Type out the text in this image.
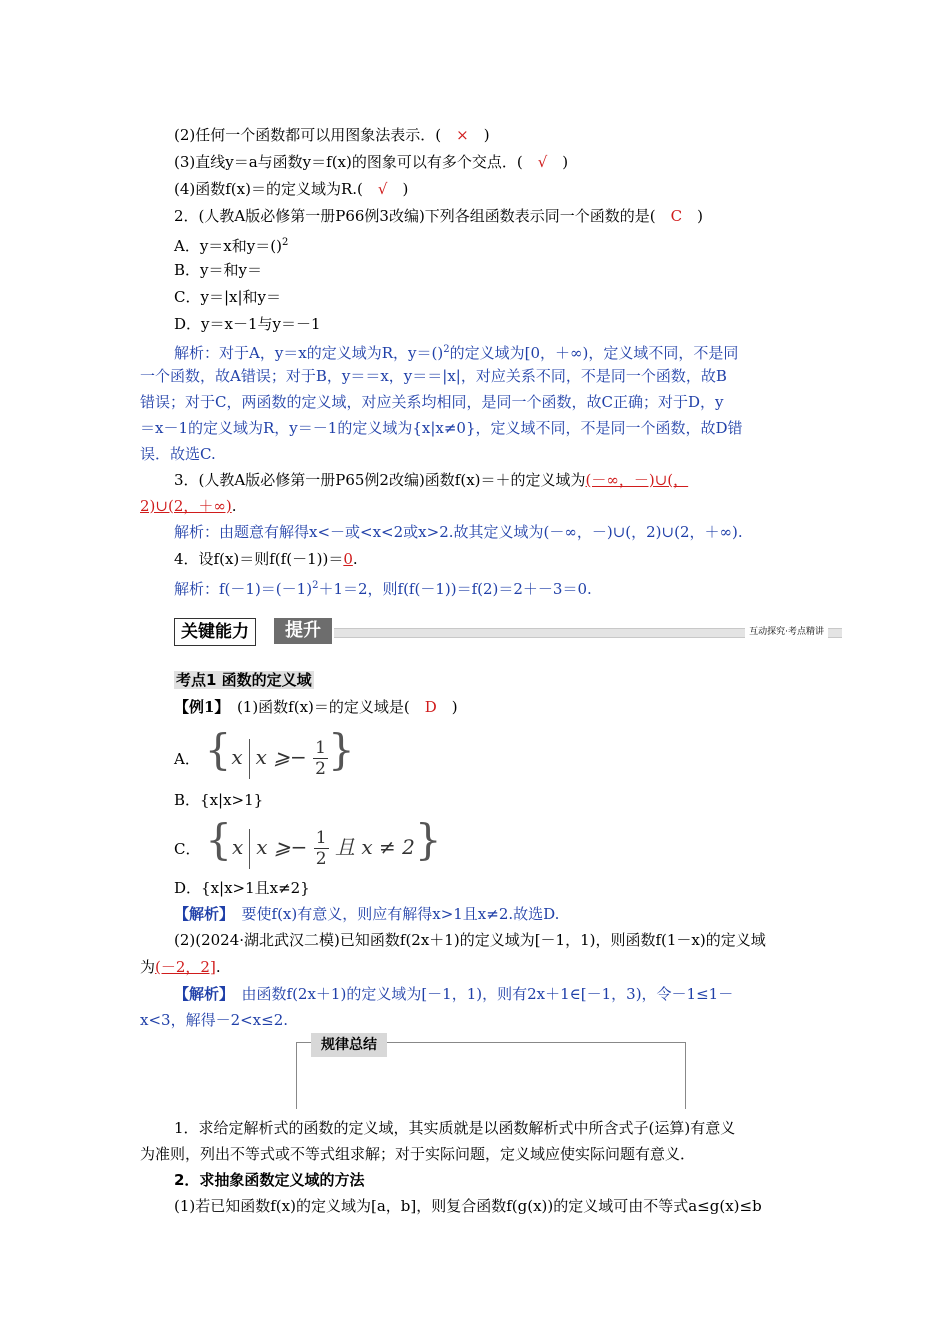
(2)任何一个函数都可以用图象法表示．(　×　)
(3)直线y＝a与函数y＝f(x)的图象可以有多个交点．(　√　)
(4)函数f(x)＝的定义域为R.(　√　)
2．(人教A版必修第一册P66例3改编)下列各组函数表示同一个函数的是(　C　)
A．y＝x和y＝()$^2$
B．y＝和y＝
C．y＝|x|和y＝
D．y＝x－1与y＝－1
解析：对于A，y＝x的定义域为R，y＝()$^2$的定义域为[0，＋∞)，定义域不同，不是同
一个函数，故A错误；对于B，y＝＝x，y＝＝|x|，对应关系不同，不是同一个函数，故B
错误；对于C，两函数的定义域，对应关系均相同，是同一个函数，故C正确；对于D，y
＝x－1的定义域为R，y＝－1的定义域为{x|x≠0}，定义域不同，不是同一个函数，故D错
误．故选C.
3．(人教A版必修第一册P65例2改编)函数f(x)＝＋的定义域为(－∞，－)∪(，
2)∪(2，＋∞).
解析：由题意有解得x<－或<x<2或x>2.故其定义域为(－∞，－)∪(，2)∪(2，＋∞).
4．设f(x)＝则f(f(－1))＝0.
解析：$f(-1)=(-1)^2+1=2$，则f(f(－1))＝f(2)＝2＋－3＝0.
关键能力	提升	互动探究·考点精讲
考点1 函数的定义域
【例1】　(1)函数f(x)＝的定义域是(　D　)
A． {x x ⩾− $\frac{1}{2}$ }
B．{x|x>1}
C． {x x ⩾− $\frac{1}{2}$ 且 x ≠ 2}
D．{x|x>1且x≠2}
【解析】　要使f(x)有意义，则应有解得x>1且x≠2.故选D.
(2)(2024·湖北武汉二模)已知函数f(2x＋1)的定义域为[－1，1)，则函数f(1－x)的定义域
为(－2，2].
【解析】　由函数f(2x＋1)的定义域为[－1，1)，则有2x＋1∈[－1，3)，令－1≤1－
x<3，解得－2<x≤2.
规律总结
1．求给定解析式的函数的定义域，其实质就是以函数解析式中所含式子(运算)有意义
为准则，列出不等式或不等式组求解；对于实际问题，定义域应使实际问题有意义．
2．求抽象函数定义域的方法
(1)若已知函数f(x)的定义域为[a，b]，则复合函数f(g(x))的定义域可由不等式a≤g(x)≤b
